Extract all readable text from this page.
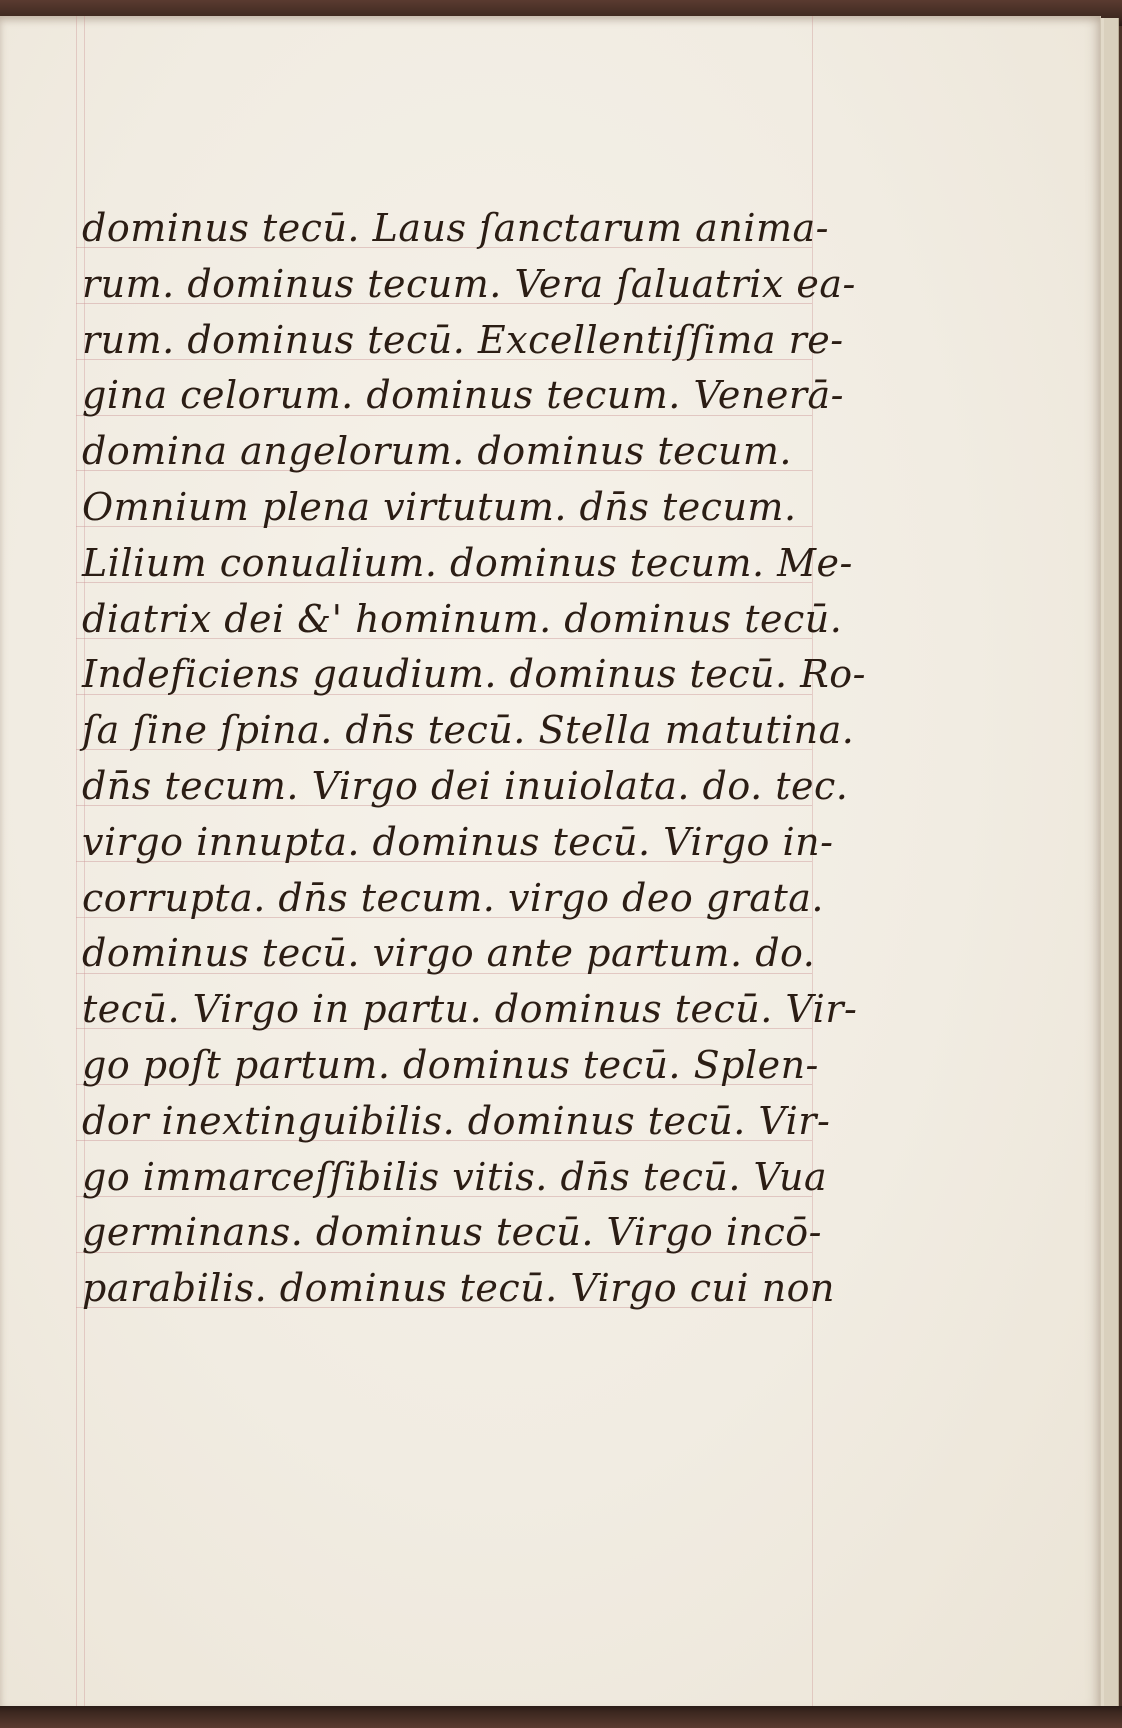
dominus tecū. Laus ſanctarum anima-
rum. dominus tecum. Vera ſaluatrix ea-
rum. dominus tecū. Excellentiſſima re-
gina celorum. dominus tecum. Venerā-
domina angelorum. dominus tecum.
Omnium plena virtutum. dn̄s tecum.
Lilium conualium. dominus tecum. Me-
diatrix dei &' hominum. dominus tecū.
Indeficiens gaudium. dominus tecū. Ro-
ſa ſine ſpina. dn̄s tecū. Stella matutina.
dn̄s tecum. Virgo dei inuiolata. do. tec.
virgo innupta. dominus tecū. Virgo in-
corrupta. dn̄s tecum. virgo deo grata.
dominus tecū. virgo ante partum. do.
tecū. Virgo in partu. dominus tecū. Vir-
go poſt partum. dominus tecū. Splen-
dor inextinguibilis. dominus tecū. Vir-
go immarceſſibilis vitis. dn̄s tecū. Vua
germinans. dominus tecū. Virgo incō-
parabilis. dominus tecū. Virgo cui non
